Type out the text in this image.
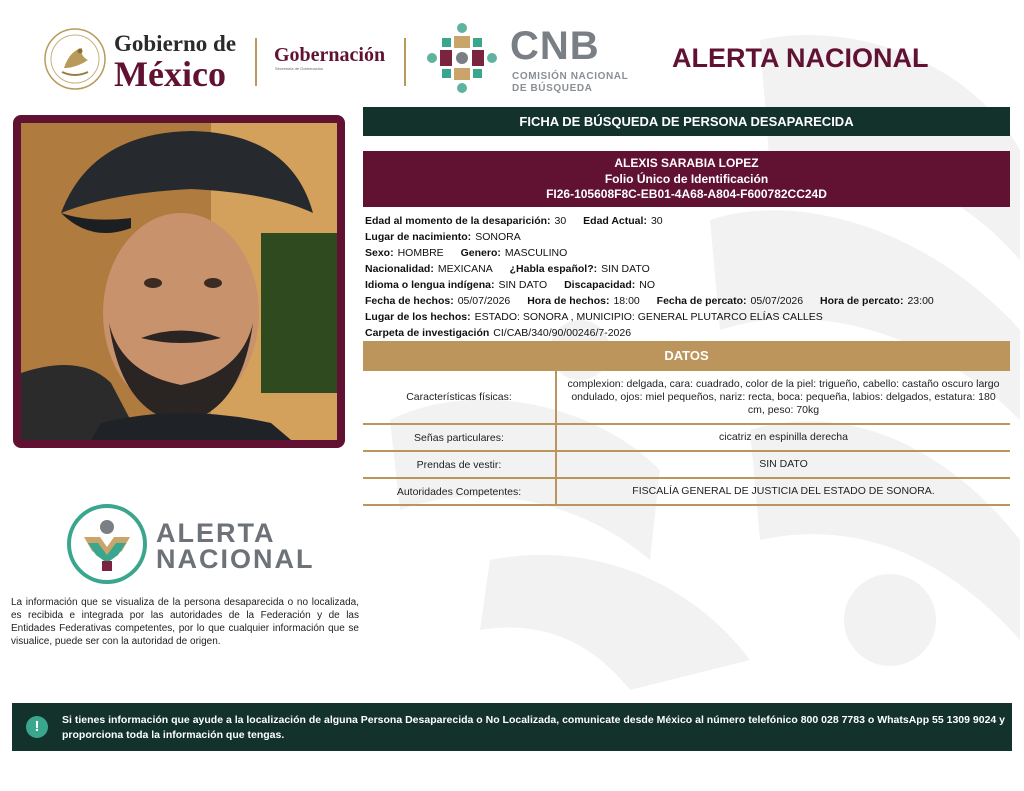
Gobierno de
México	Gobernación
Secretaría de Gobernación
CNB
COMISIÓN NACIONAL
DE BÚSQUEDA
ALERTA NACIONAL
FICHA DE BÚSQUEDA DE PERSONA DESAPARECIDA
ALEXIS SARABIA LOPEZ
Folio Único de Identificación
FI26-105608F8C-EB01-4A68-A804-F600782CC24D
Edad al momento de la desaparición: 30 Edad Actual: 30
Lugar de nacimiento: SONORA
Sexo: HOMBRE Genero: MASCULINO
Nacionalidad: MEXICANA ¿Habla español?: SIN DATO
Idioma o lengua indígena: SIN DATO Discapacidad: NO
Fecha de hechos: 05/07/2026 Hora de hechos: 18:00 Fecha de percato: 05/07/2026 Hora de percato: 23:00
Lugar de los hechos: ESTADO: SONORA , MUNICIPIO: GENERAL PLUTARCO ELÍAS CALLES
Carpeta de investigación CI/CAB/340/90/00246/7-2026
DATOS
Características físicas:
complexion: delgada, cara: cuadrado, color de la piel: trigueño, cabello: castaño oscuro largo ondulado, ojos: miel pequeños, nariz: recta, boca: pequeña, labios: delgados, estatura: 180 cm, peso: 70kg
Señas particulares:	cicatriz en espinilla derecha
Prendas de vestir:	SIN DATO
Autoridades Competentes:	FISCALÍA GENERAL DE JUSTICIA DEL ESTADO DE SONORA.
ALERTA
NACIONAL
La información que se visualiza de la persona desaparecida o no localizada, es recibida e integrada por las autoridades de la Federación y de las Entidades Federativas competentes, por lo que cualquier información que se visualice, puede ser con la autoridad de origen.
!	Si tienes información que ayude a la localización de alguna Persona Desaparecida o No Localizada, comunicate desde México al número telefónico 800 028 7783 o WhatsApp 55 1309 9024 y proporciona toda la información que tengas.
